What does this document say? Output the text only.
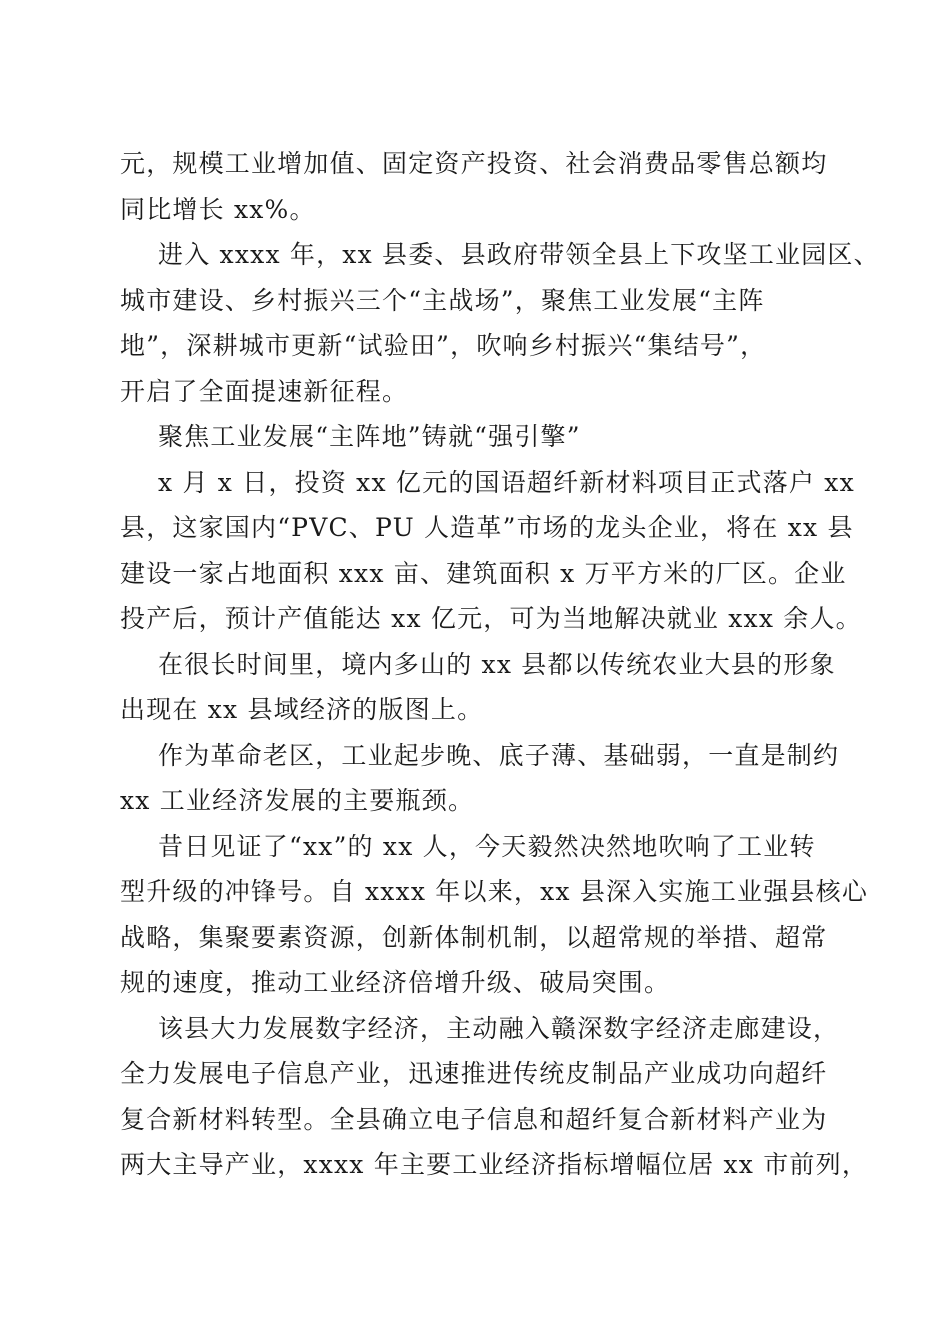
元，规模工业增加值、固定资产投资、社会消费品零售总额均
同比增长 xx%。
进入 xxxx 年，xx 县委、县政府带领全县上下攻坚工业园区、
城市建设、乡村振兴三个“主战场”，聚焦工业发展“主阵
地”，深耕城市更新“试验田”，吹响乡村振兴“集结号”，
开启了全面提速新征程。
聚焦工业发展“主阵地”铸就“强引擎”
x 月 x 日，投资 xx 亿元的国语超纤新材料项目正式落户 xx
县，这家国内“PVC、PU 人造革”市场的龙头企业，将在 xx 县
建设一家占地面积 xxx 亩、建筑面积 x 万平方米的厂区。企业
投产后，预计产值能达 xx 亿元，可为当地解决就业 xxx 余人。
在很长时间里，境内多山的 xx 县都以传统农业大县的形象
出现在 xx 县域经济的版图上。
作为革命老区，工业起步晚、底子薄、基础弱，一直是制约
xx 工业经济发展的主要瓶颈。
昔日见证了“xx”的 xx 人，今天毅然决然地吹响了工业转
型升级的冲锋号。自 xxxx 年以来，xx 县深入实施工业强县核心
战略，集聚要素资源，创新体制机制，以超常规的举措、超常
规的速度，推动工业经济倍增升级、破局突围。
该县大力发展数字经济，主动融入赣深数字经济走廊建设，
全力发展电子信息产业，迅速推进传统皮制品产业成功向超纤
复合新材料转型。全县确立电子信息和超纤复合新材料产业为
两大主导产业，xxxx 年主要工业经济指标增幅位居 xx 市前列，
